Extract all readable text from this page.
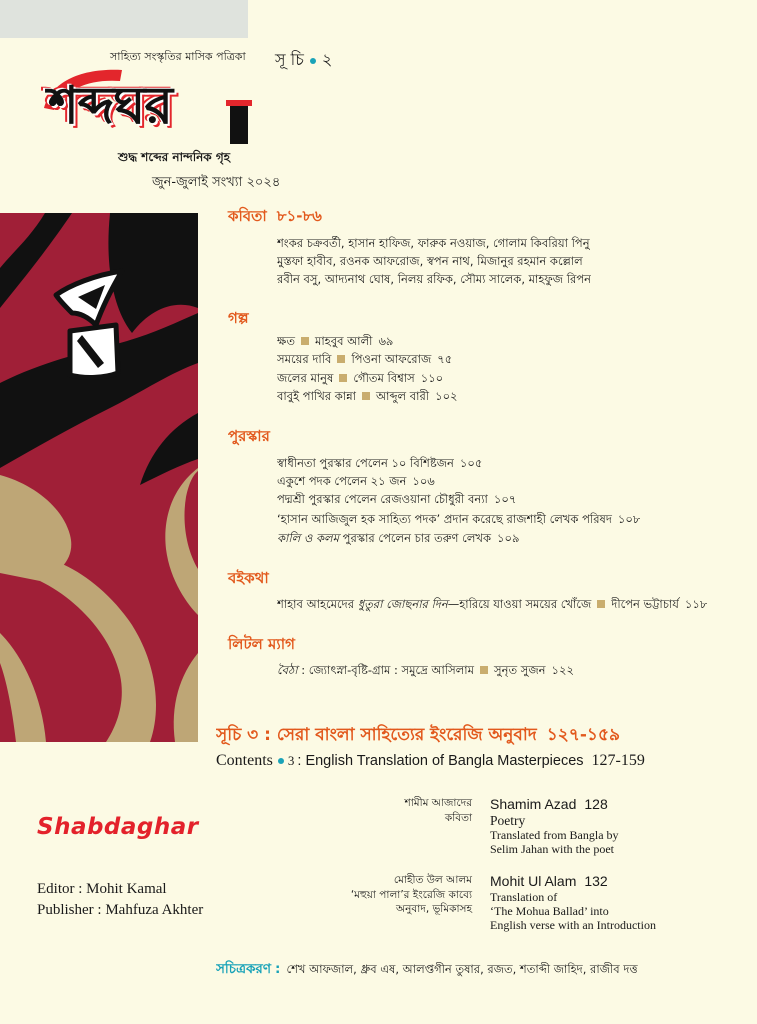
সাহিত্য সংস্কৃতির মাসিক পত্রিকা সূ চি ২
শব্দঘর
শুদ্ধ শব্দের নান্দনিক গৃহ
জুন-জুলাই সংখ্যা ২০২৪
কবিতা ৮১-৮৬
শংকর চক্রবর্তী, হাসান হাফিজ, ফারুক নওয়াজ, গোলাম কিবরিয়া পিনু
মুস্তফা হাবীব, রওনক আফরোজ, স্বপন নাথ, মিজানুর রহমান কল্লোল
রবীন বসু, আদ্যনাথ ঘোষ, নিলয় রফিক, সৌম্য সালেক, মাহফুজ রিপন
গল্প
ক্ষত মাহবুব আলী ৬৯
সময়ের দাবি পিওনা আফরোজ ৭৫
জলের মানুষ গৌতম বিশ্বাস ১১০
বাবুই পাখির কান্না আব্দুল বারী ১০২
পুরস্কার
স্বাধীনতা পুরস্কার পেলেন ১০ বিশিষ্টজন ১০৫
একুশে পদক পেলেন ২১ জন ১০৬
পদ্মশ্রী পুরস্কার পেলেন রেজওয়ানা চৌধুরী বন্যা ১০৭
‘হাসান আজিজুল হক সাহিত্য পদক’ প্রদান করেছে রাজশাহী লেখক পরিষদ ১০৮
কালি ও কলম পুরস্কার পেলেন চার তরুণ লেখক ১০৯
বইকথা
শাহাব আহমেদের ধুতুরা জোছনার দিন—হারিয়ে যাওয়া সময়ের খোঁজে দীপেন ভট্টাচার্য ১১৮
লিটল ম্যাগ
বৈঠা : জ্যোৎস্না-বৃষ্টি-গ্রাম : সমুদ্রে আসিলাম সুনৃত সুজন ১২২
সূচি ৩ : সেরা বাংলা সাহিত্যের ইংরেজি অনুবাদ ১২৭-১৫৯
Contents 3 : English Translation of Bangla Masterpieces 127-159
Shabdaghar
Editor : Mohit Kamal
Publisher : Mahfuza Akhter
শামীম আজাদের
কবিতা
Shamim Azad 128
Poetry
Translated from Bangla by
Selim Jahan with the poet
মোহীত উল আলম
‘মহুয়া পালা’র ইংরেজি কাব্যে
অনুবাদ, ভূমিকাসহ
Mohit Ul Alam 132
Translation of
‘The Mohua Ballad’ into
English verse with an Introduction
সচিত্রকরণ : শেখ আফজাল, ধ্রুব এষ, আলপ্তগীন তুষার, রজত, শতাব্দী জাহিদ, রাজীব দত্ত
